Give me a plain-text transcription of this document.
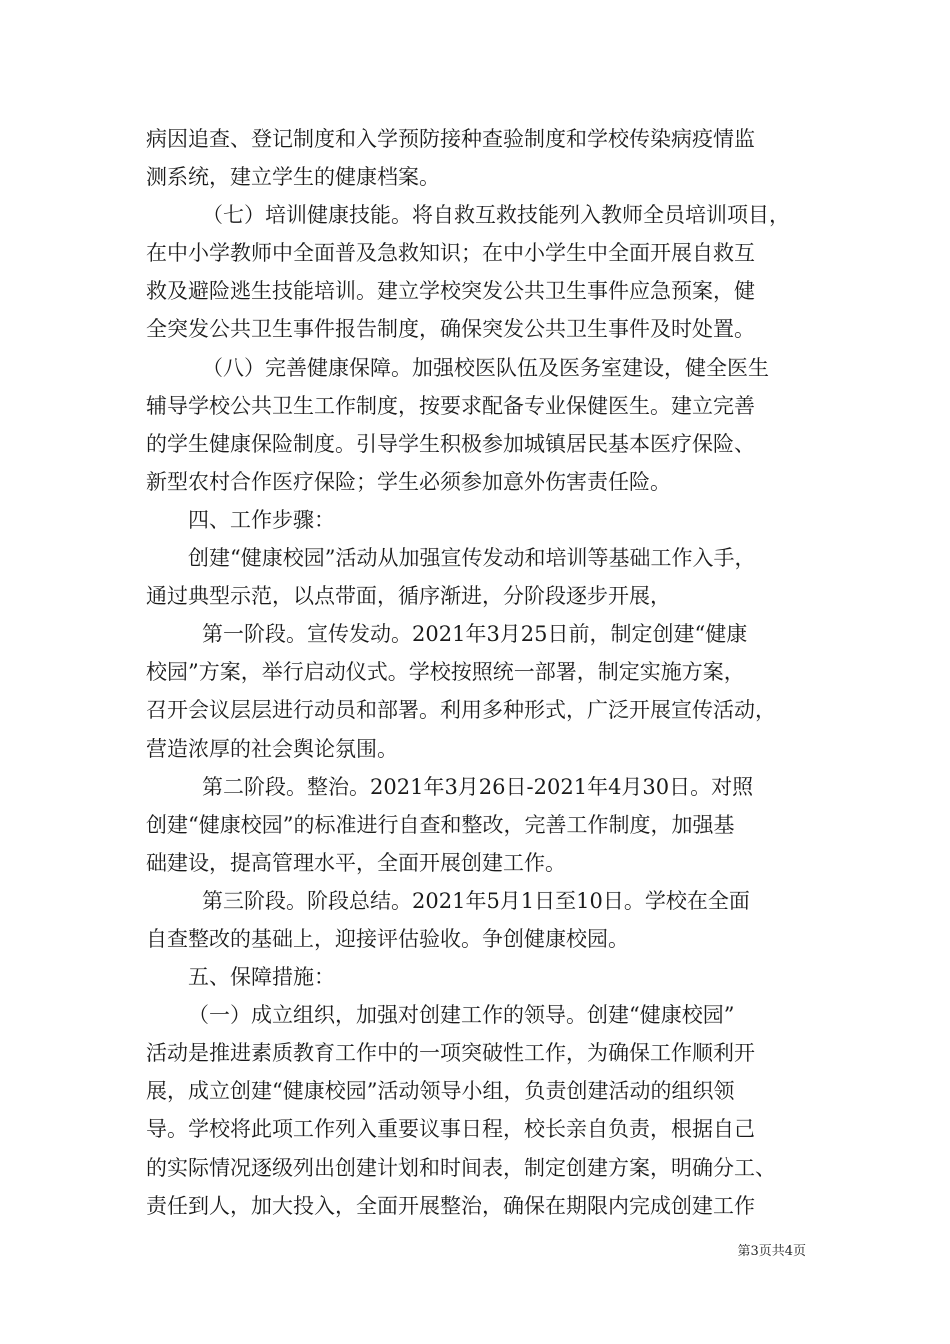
病因追查、登记制度和入学预防接种查验制度和学校传染病疫情监
测系统，建立学生的健康档案。
（七）培训健康技能。将自救互救技能列入教师全员培训项目，
在中小学教师中全面普及急救知识；在中小学生中全面开展自救互
救及避险逃生技能培训。建立学校突发公共卫生事件应急预案，健
全突发公共卫生事件报告制度，确保突发公共卫生事件及时处置。
（八）完善健康保障。加强校医队伍及医务室建设，健全医生
辅导学校公共卫生工作制度，按要求配备专业保健医生。建立完善
的学生健康保险制度。引导学生积极参加城镇居民基本医疗保险、
新型农村合作医疗保险；学生必须参加意外伤害责任险。
四、工作步骤：
创建“健康校园”活动从加强宣传发动和培训等基础工作入手，
通过典型示范，以点带面，循序渐进，分阶段逐步开展，
第一阶段。宣传发动。2021年3月25日前，制定创建“健康
校园”方案，举行启动仪式。学校按照统一部署，制定实施方案，
召开会议层层进行动员和部署。利用多种形式，广泛开展宣传活动，
营造浓厚的社会舆论氛围。
第二阶段。整治。2021年3月26日-2021年4月30日。对照
创建“健康校园”的标准进行自查和整改，完善工作制度，加强基
础建设，提高管理水平，全面开展创建工作。
第三阶段。阶段总结。2021年5月1日至10日。学校在全面
自查整改的基础上，迎接评估验收。争创健康校园。
五、保障措施：
（一）成立组织，加强对创建工作的领导。创建“健康校园”
活动是推进素质教育工作中的一项突破性工作，为确保工作顺利开
展，成立创建“健康校园”活动领导小组，负责创建活动的组织领
导。学校将此项工作列入重要议事日程，校长亲自负责，根据自己
的实际情况逐级列出创建计划和时间表，制定创建方案，明确分工、
责任到人，加大投入，全面开展整治，确保在期限内完成创建工作
第3页共4页
